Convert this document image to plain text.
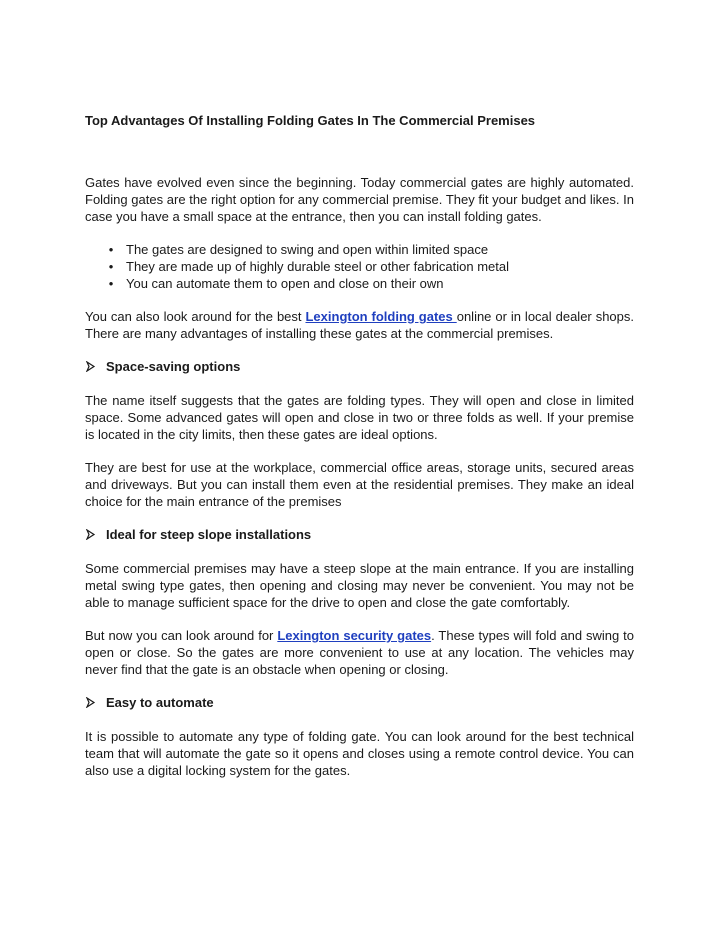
Top Advantages Of Installing Folding Gates In The Commercial Premises

Gates have evolved even since the beginning. Today commercial gates are highly automated. Folding gates are the right option for any commercial premise. They fit your budget and likes. In case you have a small space at the entrance, then you can install folding gates.

• The gates are designed to swing and open within limited space
• They are made up of highly durable steel or other fabrication metal
• You can automate them to open and close on their own

You can also look around for the best Lexington folding gates online or in local dealer shops. There are many advantages of installing these gates at the commercial premises.

Space-saving options

The name itself suggests that the gates are folding types. They will open and close in limited space. Some advanced gates will open and close in two or three folds as well. If your premise is located in the city limits, then these gates are ideal options.

They are best for use at the workplace, commercial office areas, storage units, secured areas and driveways. But you can install them even at the residential premises. They make an ideal choice for the main entrance of the premises

Ideal for steep slope installations

Some commercial premises may have a steep slope at the main entrance. If you are installing metal swing type gates, then opening and closing may never be convenient. You may not be able to manage sufficient space for the drive to open and close the gate comfortably.

But now you can look around for Lexington security gates. These types will fold and swing to open or close. So the gates are more convenient to use at any location. The vehicles may never find that the gate is an obstacle when opening or closing.

Easy to automate

It is possible to automate any type of folding gate. You can look around for the best technical team that will automate the gate so it opens and closes using a remote control device. You can also use a digital locking system for the gates.
